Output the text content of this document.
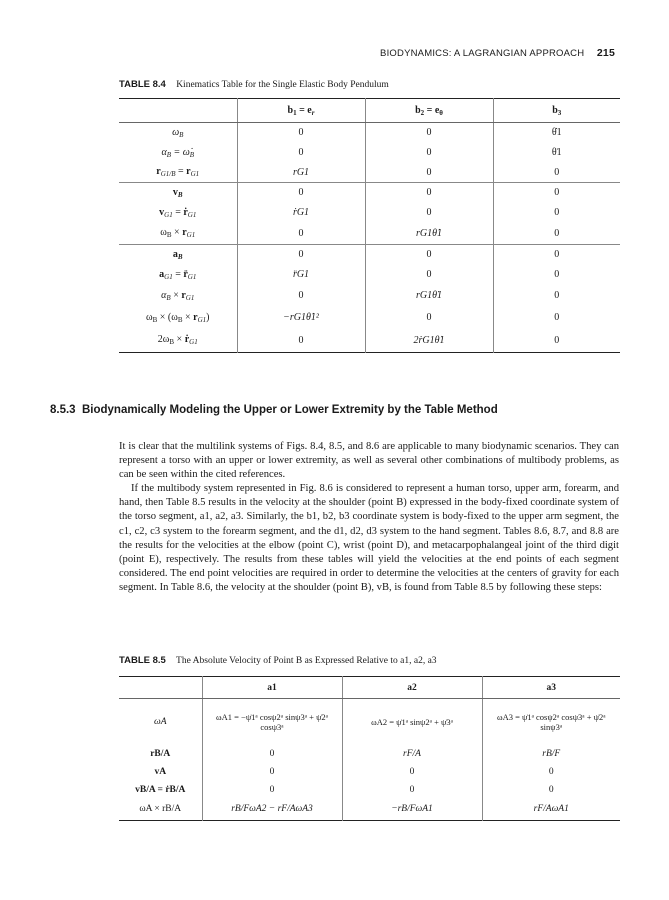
BIODYNAMICS: A LAGRANGIAN APPROACH 215
TABLE 8.4 Kinematics Table for the Single Elastic Body Pendulum
	$b_1 = e_r$	$b_2 = e_\theta$	$b_3$
$\omega_B$	0	0	θ̇1
$\alpha_B$ = $\omegȧ_B$	0	0	θ̈1
$r_{G1/B} = r_{G1}$	rG1	0	0
$v_B$	0	0	0
$v_{G1}$ = ṙ$_{G1}$	ṙG1	0	0
$\omega_B \times r_{G1}$	0	rG1θ̇1	0
$a_B$	0	0	0
$a_{G1}$ = $r̈_{G1}$	r̈G1	0	0
$\alpha_B \times r_{G1}$	0	rG1θ̈1	0
$\omega_B \times (\omega_B \times r_{G1})$	−rG1θ̇1²	0	0
$2\omega_B$ × ṙ$_{G1}$	0	2ṙG1θ̇1	0
8.5.3 Biodynamically Modeling the Upper or Lower Extremity by the Table Method

It is clear that the multilink systems of Figs. 8.4, 8.5, and 8.6 are applicable to many biodynamic scenarios. They can represent a torso with an upper or lower extremity, as well as several other combinations of multibody problems, as can be seen within the cited references.

If the multibody system represented in Fig. 8.6 is considered to represent a human torso, upper arm, forearm, and hand, then Table 8.5 results in the velocity at the shoulder (point B) expressed in the body-fixed coordinate system of the torso segment, a1, a2, a3. Similarly, the b1, b2, b3 coordinate system is body-fixed to the upper arm segment, the c1, c2, c3 system to the forearm segment, and the d1, d2, d3 system to the hand segment. Tables 8.6, 8.7, and 8.8 are the results for the velocities at the elbow (point C), wrist (point D), and metacarpophalangeal joint of the third digit (point E), respectively. The results from these tables will yield the velocities at the end points of each segment considered. The end point velocities are required in order to determine the velocities at the centers of gravity for each segment. In Table 8.6, the velocity at the shoulder (point B), vB, is found from Table 8.5 by following these steps:

TABLE 8.5 The Absolute Velocity of Point B as Expressed Relative to a1, a2, a3
	a1	a2	a3
ωA	ωA1 = −ψ̇1ᵃ cosψ2ᵃ sinψ3ᵃ + ψ̇2ᵃ cosψ3ᵃ	ωA2 = ψ̇1ᵃ sinψ2ᵃ + ψ̇3ᵃ	ωA3 = ψ̇1ᵃ cosψ2ᵃ cosψ3ᵃ + ψ̇2ᵃ sinψ3ᵃ
rB/A	0	rF/A	rB/F
vA	0	0	0
vB/A = ṙB/A	0	0	0
ωA × rB/A	rB/FωA2 − rF/AωA3	−rB/FωA1	rF/AωA1
